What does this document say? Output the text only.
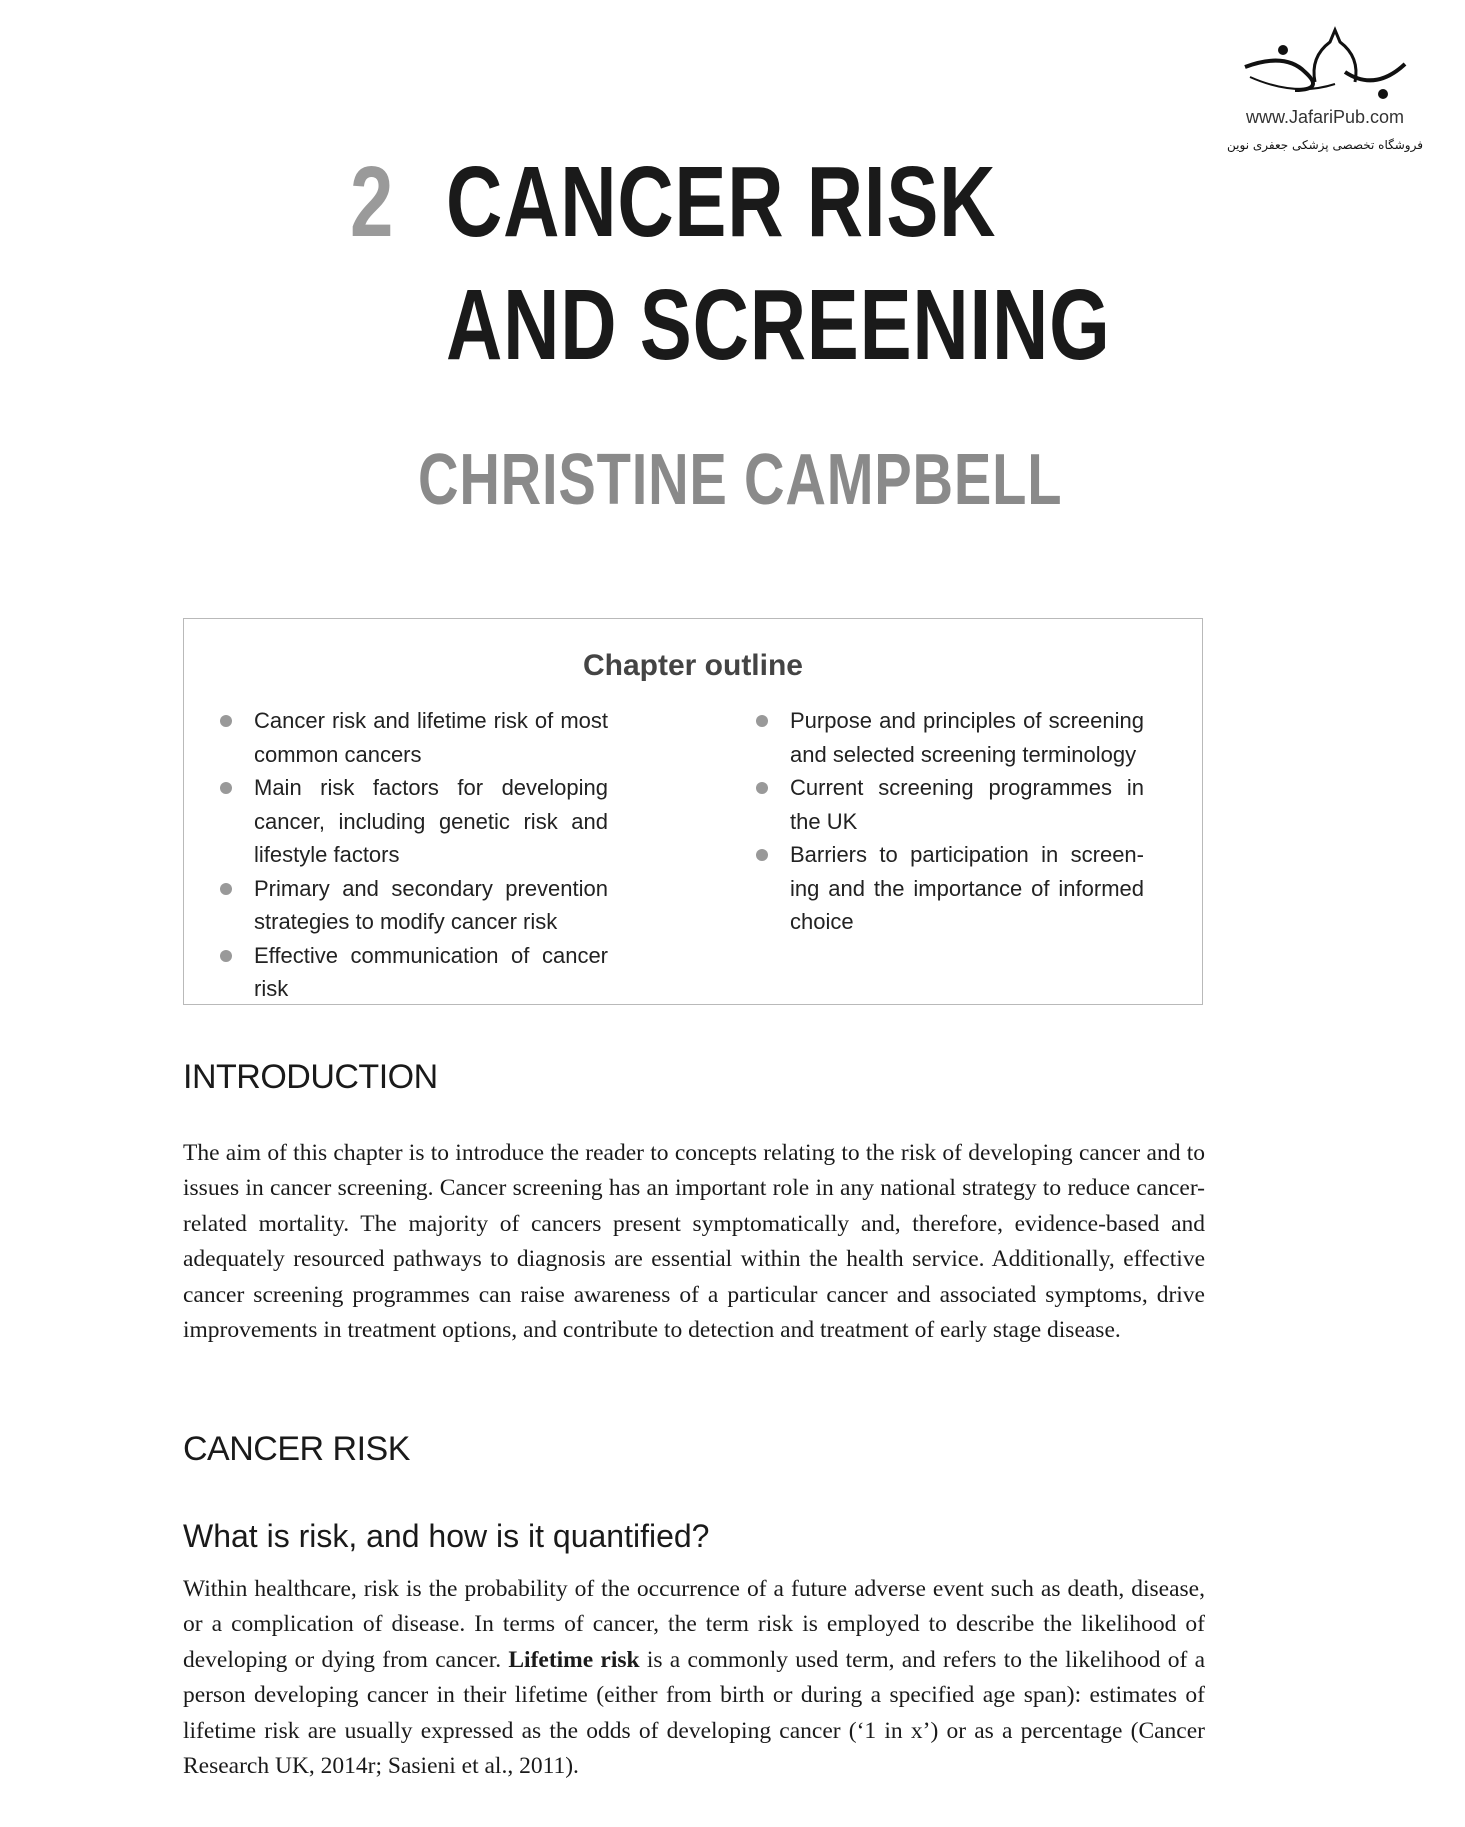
www.JafariPub.com
فروشگاه تخصصی پزشکی جعفری نوین
2 CANCER RISK
AND SCREENING
CHRISTINE CAMPBELL
Chapter outline
Cancer risk and lifetime risk of most common cancers
Main risk factors for developing cancer, including genetic risk and lifestyle factors
Primary and secondary prevention strategies to modify cancer risk
Effective communication of cancer risk
Purpose and principles of screening and selected screening terminology
Current screening programmes in the UK
Barriers to participation in screen-ing and the importance of informed choice
INTRODUCTION
The aim of this chapter is to introduce the reader to concepts relating to the risk of developing cancer and to issues in cancer screening. Cancer screening has an important role in any national strategy to reduce cancer-related mortality. The majority of cancers present symptomatically and, therefore, evidence-based and adequately resourced pathways to diagnosis are essential within the health service. Additionally, effective cancer screening programmes can raise awareness of a particular cancer and associated symptoms, drive improvements in treatment options, and contribute to detection and treatment of early stage disease.
CANCER RISK
What is risk, and how is it quantified?
Within healthcare, risk is the probability of the occurrence of a future adverse event such as death, disease, or a complication of disease. In terms of cancer, the term risk is employed to describe the likelihood of developing or dying from cancer. Lifetime risk is a commonly used term, and refers to the likelihood of a person developing cancer in their lifetime (either from birth or during a specified age span): estimates of lifetime risk are usually expressed as the odds of developing cancer (‘1 in x’) or as a percentage (Cancer Research UK, 2014r; Sasieni et al., 2011).
